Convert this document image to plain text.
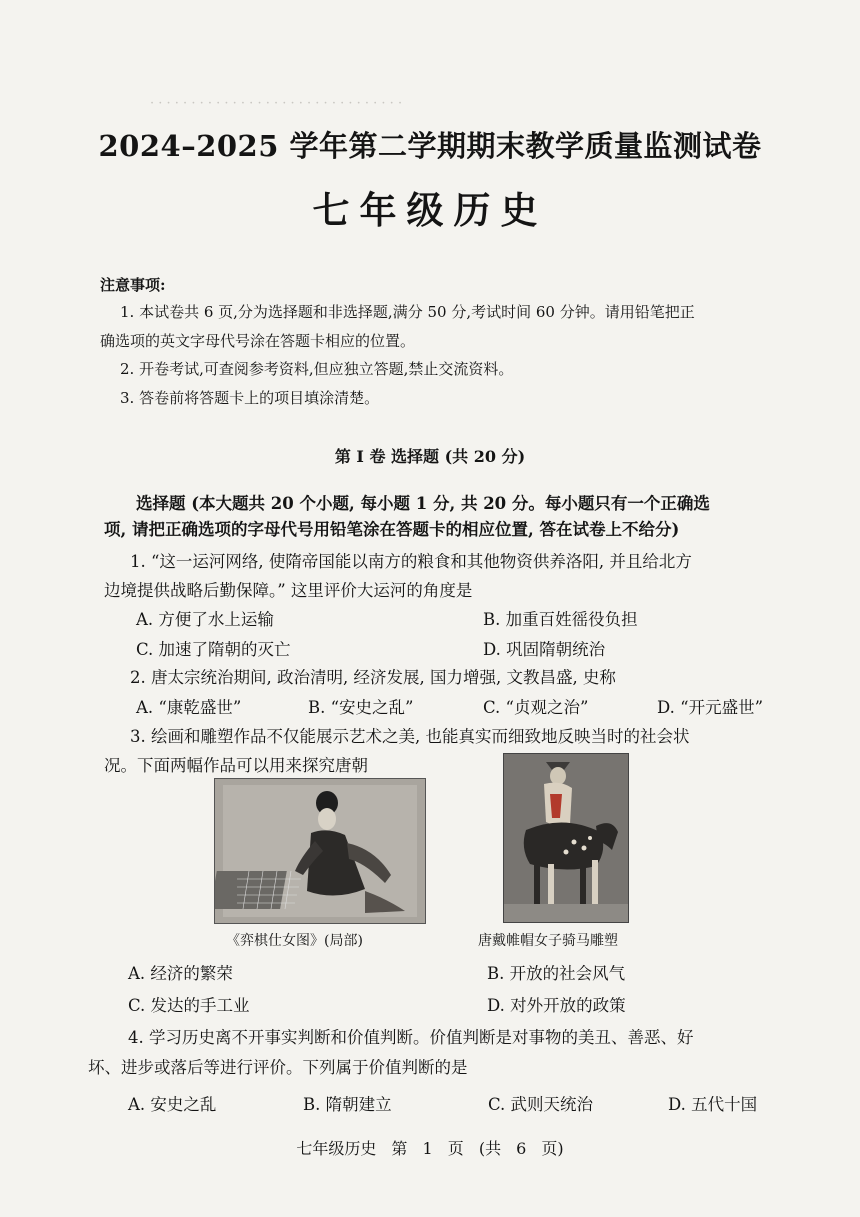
· · · · · · · · · · · · · · · · · · · · · · · · · · · · · · ·
2024–2025 学年第二学期期末教学质量监测试卷
七年级历史
注意事项:
1. 本试卷共 6 页,分为选择题和非选择题,满分 50 分,考试时间 60 分钟。请用铅笔把正
确选项的英文字母代号涂在答题卡相应的位置。
2. 开卷考试,可查阅参考资料,但应独立答题,禁止交流资料。
3. 答卷前将答题卡上的项目填涂清楚。
第 I 卷 选择题 (共 20 分)
选择题 (本大题共 20 个小题, 每小题 1 分, 共 20 分。每小题只有一个正确选
项, 请把正确选项的字母代号用铅笔涂在答题卡的相应位置, 答在试卷上不给分)
1. “这一运河网络, 使隋帝国能以南方的粮食和其他物资供养洛阳, 并且给北方
边境提供战略后勤保障。” 这里评价大运河的角度是
A. 方便了水上运输	B. 加重百姓徭役负担
C. 加速了隋朝的灭亡	D. 巩固隋朝统治
2. 唐太宗统治期间, 政治清明, 经济发展, 国力增强, 文教昌盛, 史称
A. “康乾盛世”	B. “安史之乱”	C. “贞观之治”	D. “开元盛世”
3. 绘画和雕塑作品不仅能展示艺术之美, 也能真实而细致地反映当时的社会状
况。下面两幅作品可以用来探究唐朝
《弈棋仕女图》(局部)	唐戴帷帽女子骑马雕塑
A. 经济的繁荣	B. 开放的社会风气
C. 发达的手工业	D. 对外开放的政策
4. 学习历史离不开事实判断和价值判断。价值判断是对事物的美丑、善恶、好
坏、进步或落后等进行评价。下列属于价值判断的是
A. 安史之乱	B. 隋朝建立	C. 武则天统治	D. 五代十国
七年级历史 第 1 页 (共 6 页)
